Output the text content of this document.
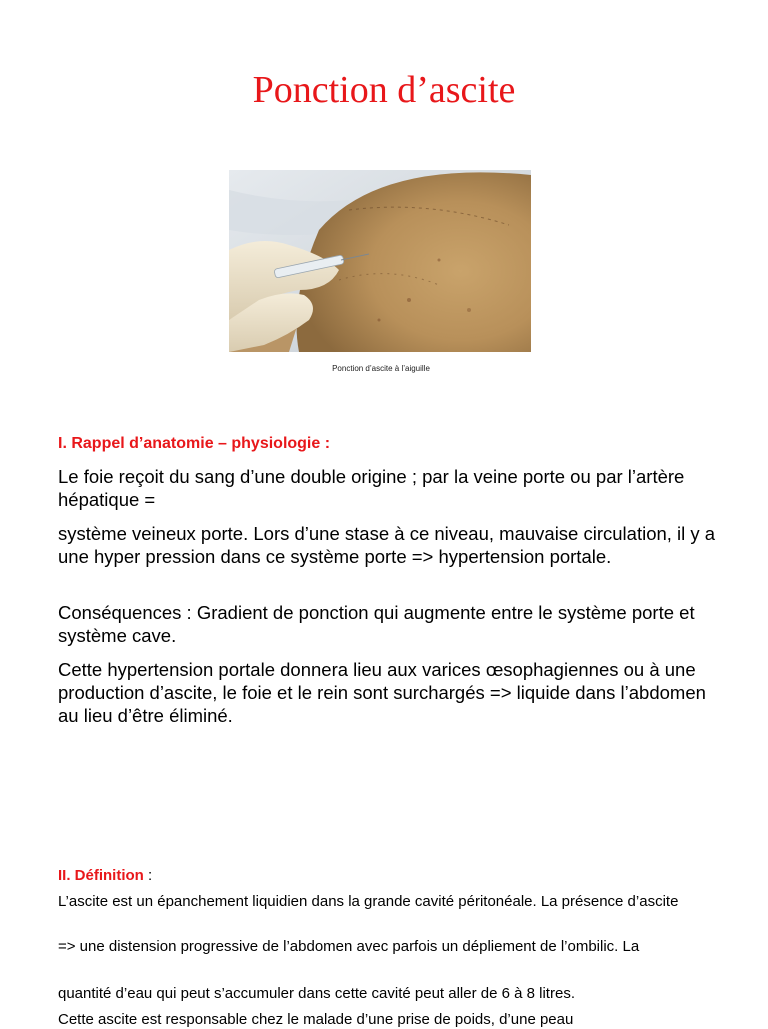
Ponction d’ascite
Ponction d’ascite à l’aiguille
I. Rappel d’anatomie – physiologie :
Le foie reçoit du sang d’une double origine ; par la veine porte ou par l’artère hépatique =
système veineux porte. Lors d’une stase à ce niveau, mauvaise circulation, il y a une hyper pression dans ce système porte => hypertension portale.
Conséquences : Gradient de ponction qui augmente entre le système porte et système cave.
Cette hypertension portale donnera lieu aux varices œsophagiennes ou à une production d’ascite, le foie et le rein sont surchargés => liquide dans l’abdomen au lieu d’être éliminé.
II. Définition :
L’ascite est un épanchement liquidien dans la grande cavité péritonéale. La présence d’ascite
=> une distension progressive de l’abdomen avec parfois un dépliement de l’ombilic. La
quantité d’eau qui peut s’accumuler dans cette cavité peut aller de 6 à 8 litres.
Cette ascite est responsable chez le malade d’une prise de poids, d’une peau
